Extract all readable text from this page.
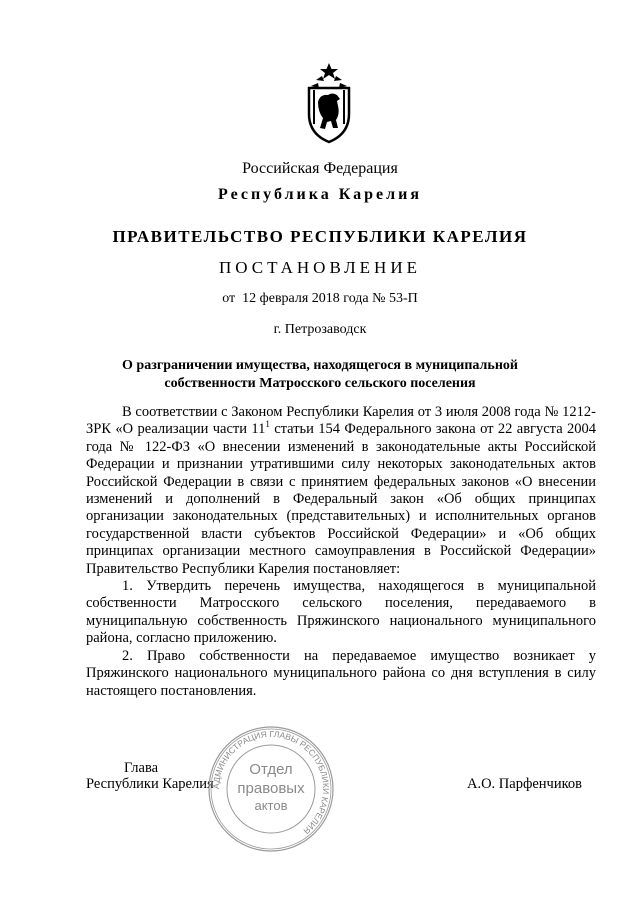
Российская Федерация
Республика Карелия
ПРАВИТЕЛЬСТВО РЕСПУБЛИКИ КАРЕЛИЯ
ПОСТАНОВЛЕНИЕ
от  12 февраля 2018 года № 53-П
г. Петрозаводск
О разграничении имущества, находящегося в муниципальной
собственности Матросского сельского поселения

В соответствии с Законом Республики Карелия от 3 июля 2008 года № 1212-ЗРК «О реализации части $11^1$ статьи 154 Федерального закона от 22 августа 2004 года № 122-ФЗ «О внесении изменений в законодательные акты Российской Федерации и признании утратившими силу некоторых законодательных актов Российской Федерации в связи с принятием федеральных законов «О внесении изменений и дополнений в Федеральный закон «Об общих принципах организации законодательных (представительных) и исполнительных органов государственной власти субъектов Российской Федерации» и «Об общих принципах организации местного самоуправления в Российской Федерации» Правительство Республики Карелия постановляет:

1. Утвердить перечень имущества, находящегося в муниципальной собственности Матросского сельского поселения, передаваемого в муниципальную собственность Пряжинского национального муниципального района, согласно приложению.

2. Право собственности на передаваемое имущество возникает у Пряжинского национального муниципального района со дня вступления в силу настоящего постановления.

Глава
Республики Карелия	А.О. Парфенчиков
АДМИНИСТРАЦИЯ ГЛАВЫ РЕСПУБЛИКИ КАРЕЛИЯ
Отдел
правовых
актов
